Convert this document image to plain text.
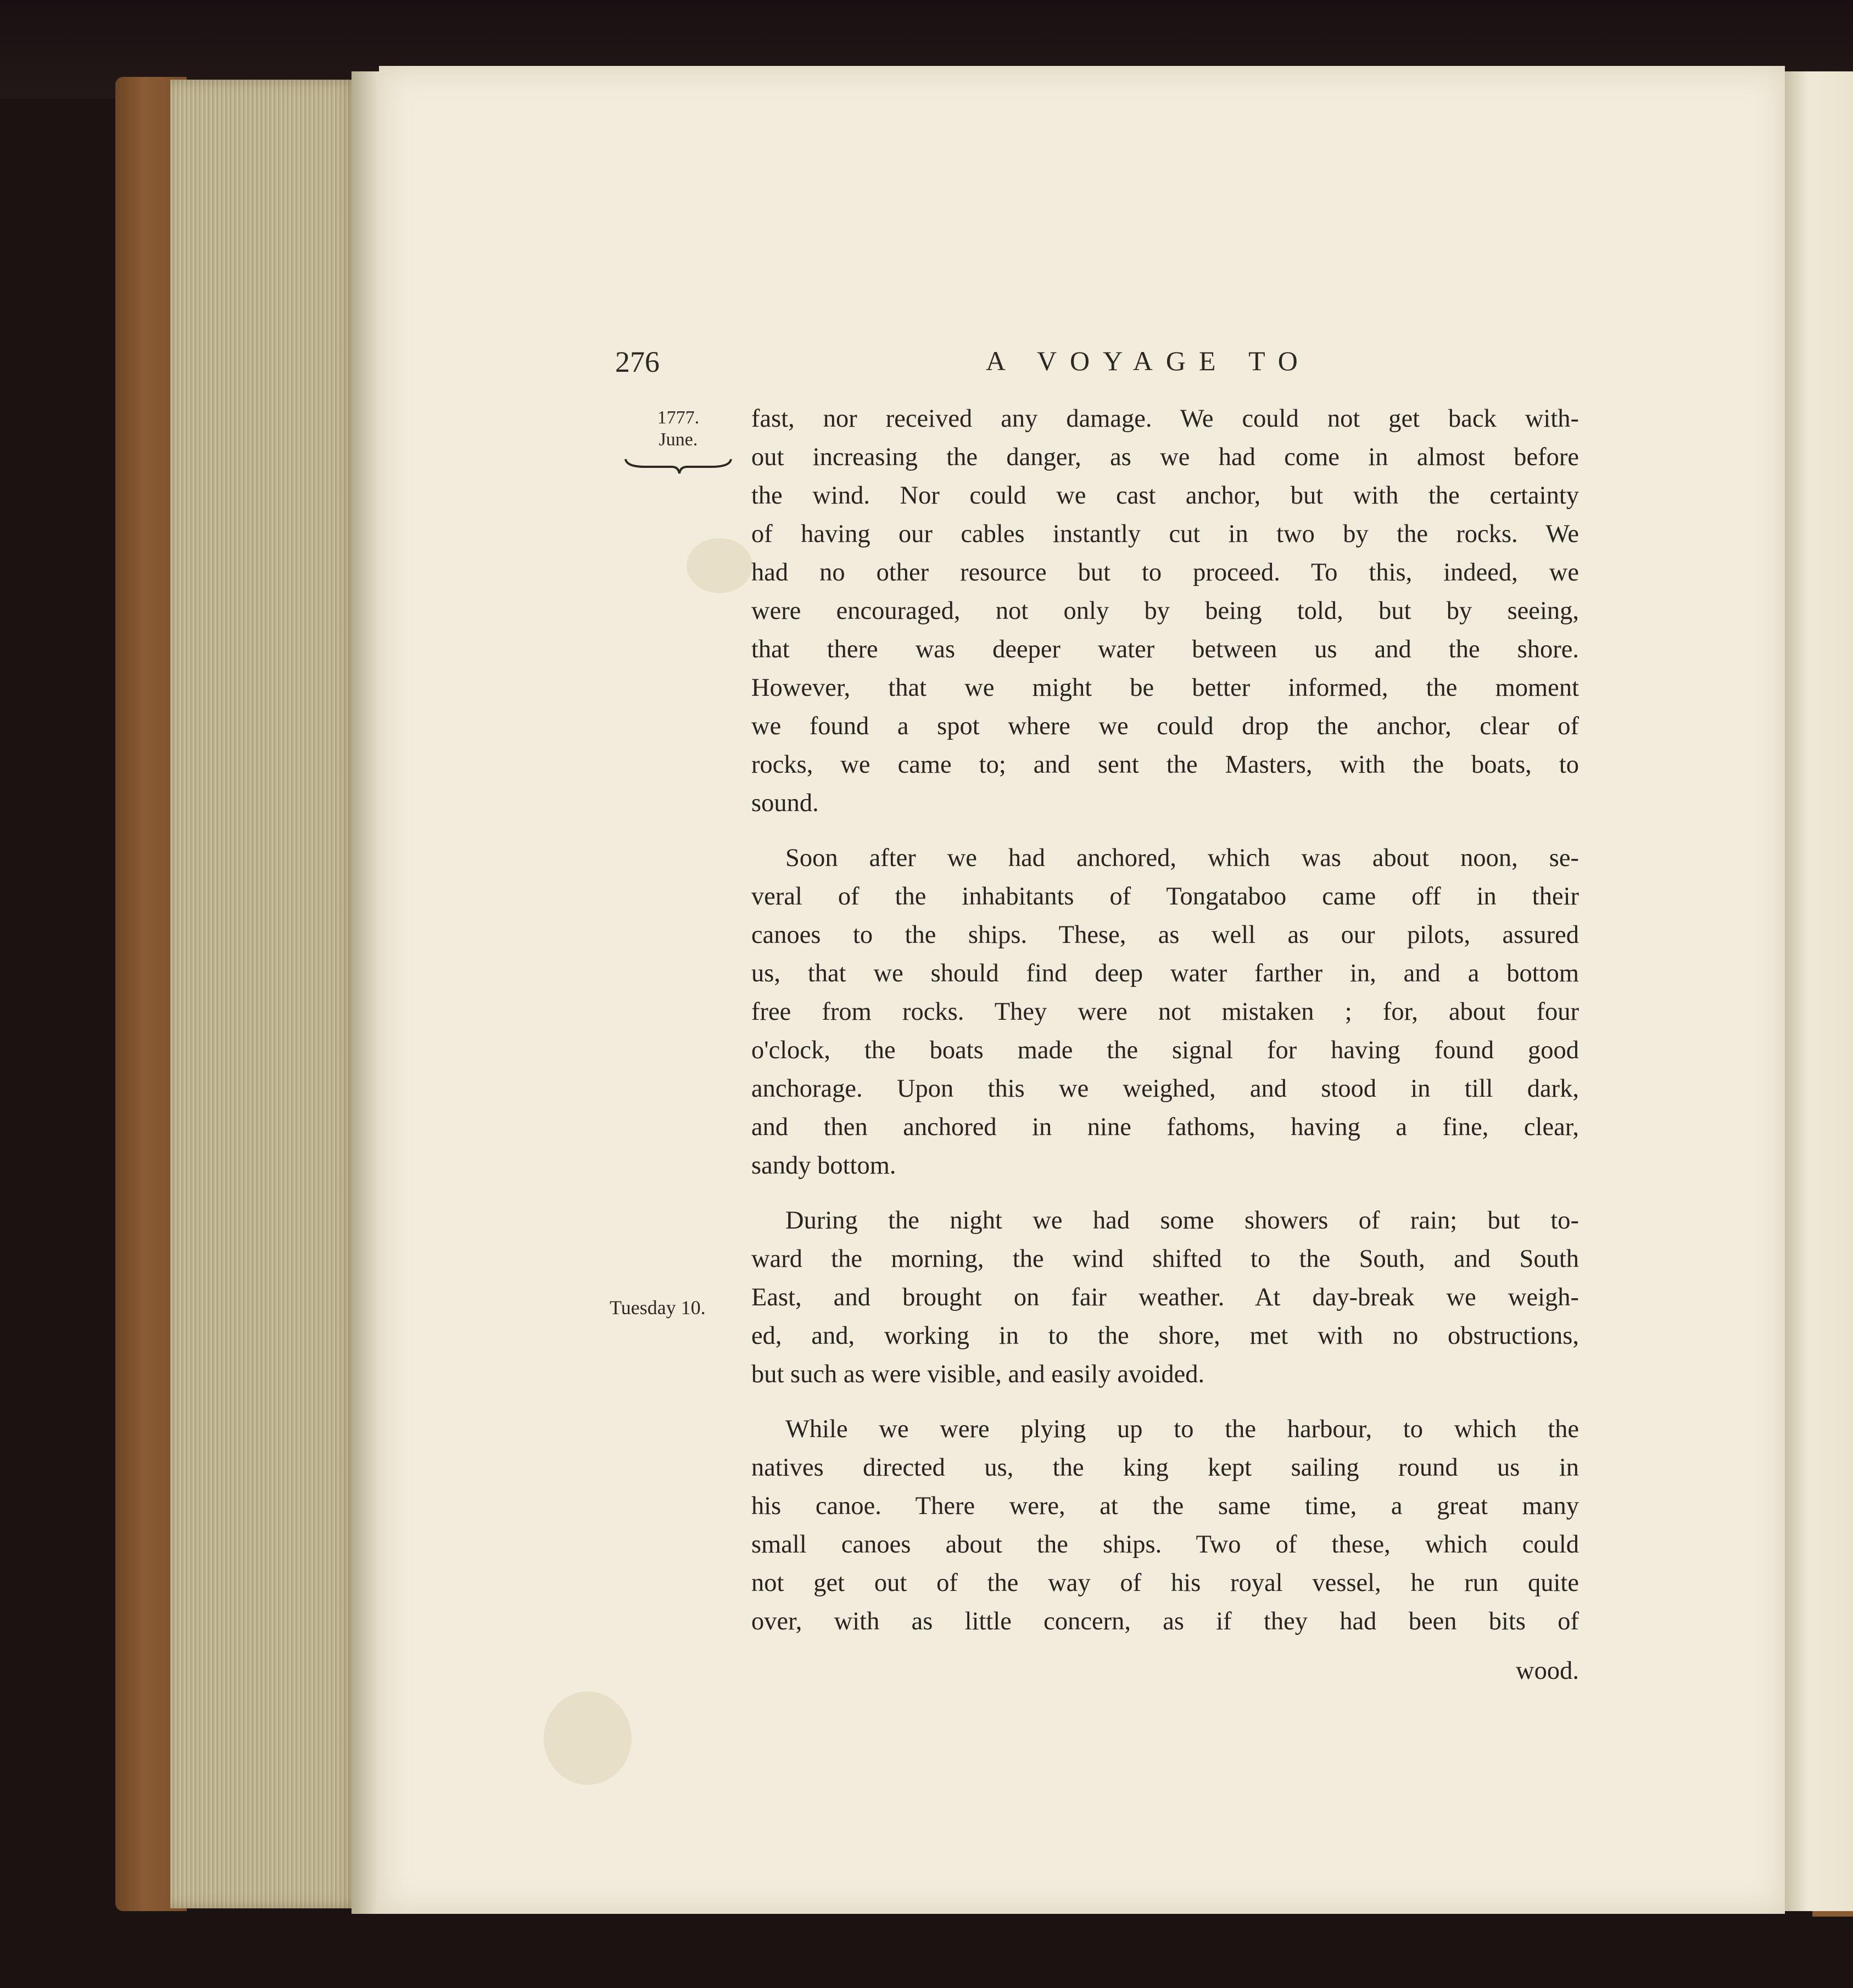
276	A VOYAGE TO
1777.
June.
Tuesday 10.
fast, nor received any damage. We could not get back with-
out increasing the danger, as we had come in almost before
the wind. Nor could we cast anchor, but with the certainty
of having our cables instantly cut in two by the rocks. We
had no other resource but to proceed. To this, indeed, we
were encouraged, not only by being told, but by seeing,
that there was deeper water between us and the shore.
However, that we might be better informed, the moment
we found a spot where we could drop the anchor, clear of
rocks, we came to; and sent the Masters, with the boats, to
sound.
Soon after we had anchored, which was about noon, se-
veral of the inhabitants of Tongataboo came off in their
canoes to the ships. These, as well as our pilots, assured
us, that we should find deep water farther in, and a bottom
free from rocks. They were not mistaken ; for, about four
o'clock, the boats made the signal for having found good
anchorage. Upon this we weighed, and stood in till dark,
and then anchored in nine fathoms, having a fine, clear,
sandy bottom.
During the night we had some showers of rain; but to-
ward the morning, the wind shifted to the South, and South
East, and brought on fair weather. At day-break we weigh-
ed, and, working in to the shore, met with no obstructions,
but such as were visible, and easily avoided.
While we were plying up to the harbour, to which the
natives directed us, the king kept sailing round us in
his canoe. There were, at the same time, a great many
small canoes about the ships. Two of these, which could
not get out of the way of his royal vessel, he run quite
over, with as little concern, as if they had been bits of
wood.
